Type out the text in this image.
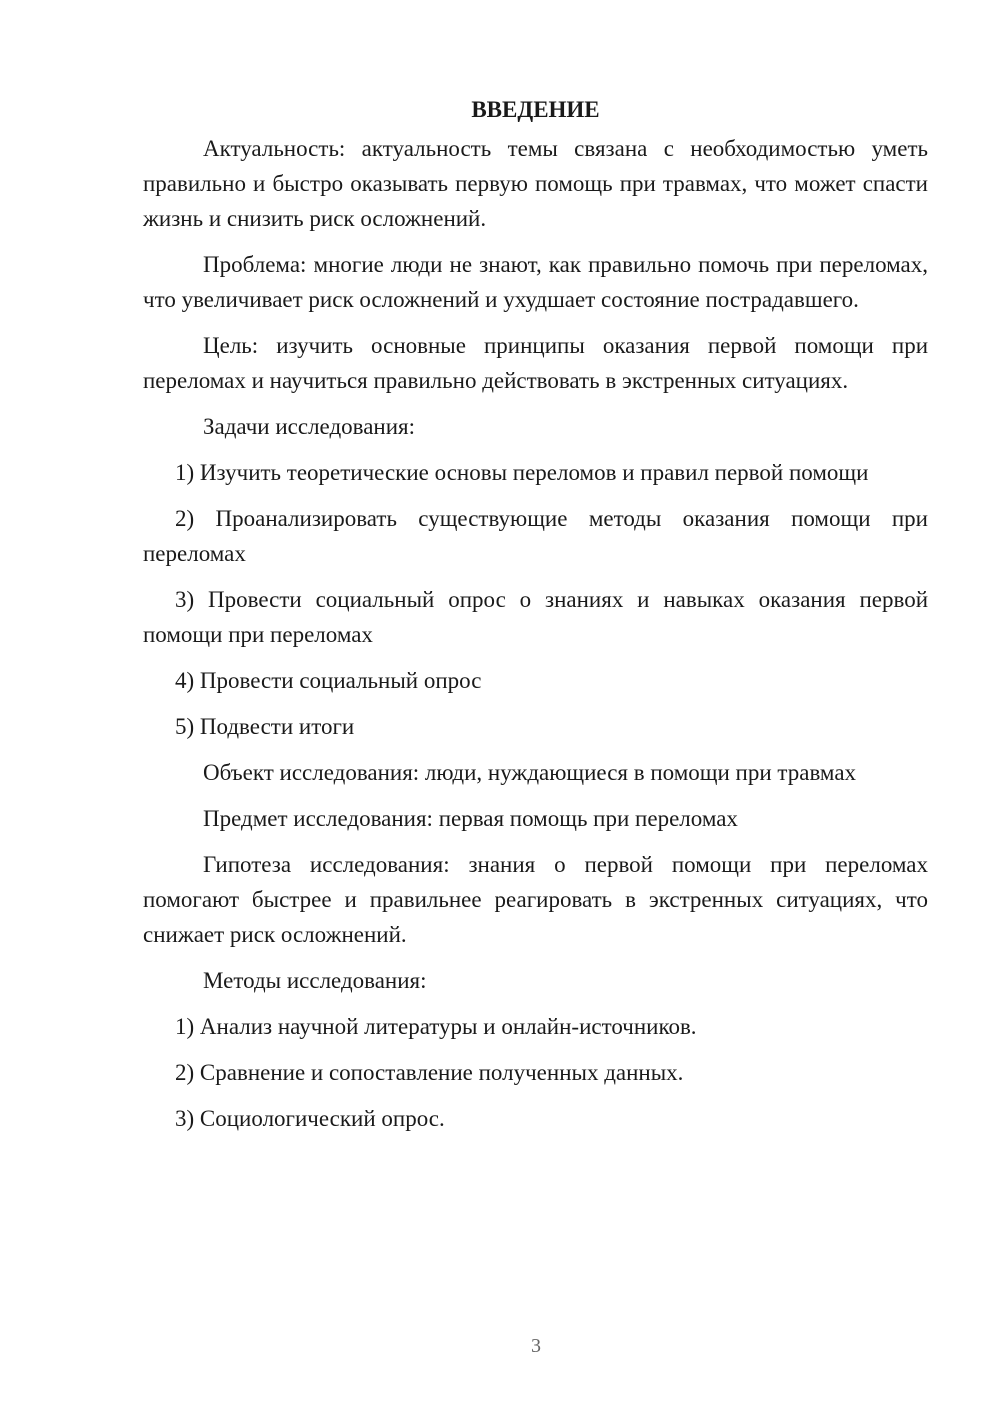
ВВЕДЕНИЕ
Актуальность: актуальность темы связана с необходимостью уметь правильно и быстро оказывать первую помощь при травмах, что может спасти жизнь и снизить риск осложнений.
Проблема: многие люди не знают, как правильно помочь при переломах, что увеличивает риск осложнений и ухудшает состояние пострадавшего.
Цель: изучить основные принципы оказания первой помощи при переломах и научиться правильно действовать в экстренных ситуациях.
Задачи исследования:
1) Изучить теоретические основы переломов и правил первой помощи
2) Проанализировать существующие методы оказания помощи при переломах
3) Провести социальный опрос о знаниях и навыках оказания первой помощи при переломах
4) Провести социальный опрос
5) Подвести итоги
Объект исследования: люди, нуждающиеся в помощи при травмах
Предмет исследования: первая помощь при переломах
Гипотеза исследования: знания о первой помощи при переломах помогают быстрее и правильнее реагировать в экстренных ситуациях, что снижает риск осложнений.
Методы исследования:
1) Анализ научной литературы и онлайн-источников.
2) Сравнение и сопоставление полученных данных.
3) Социологический опрос.
3
